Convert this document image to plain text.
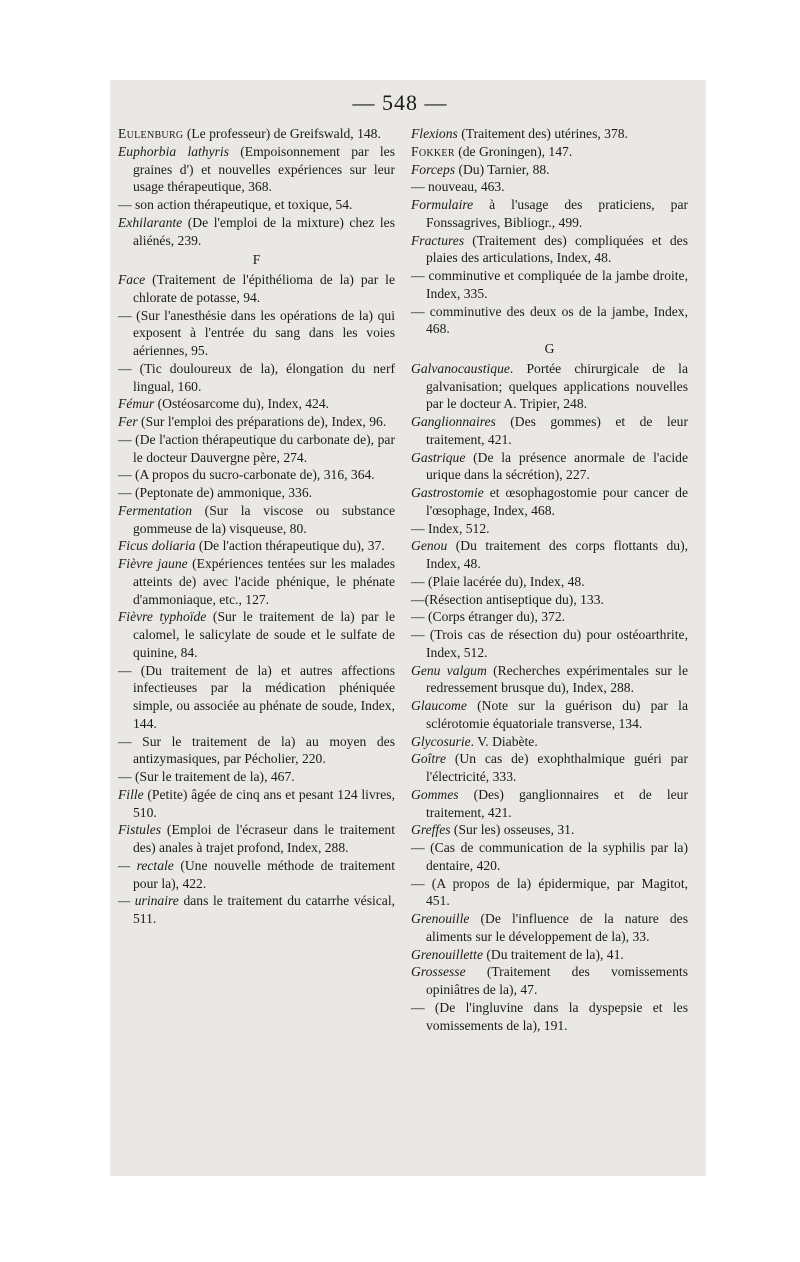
— 548 —
Eulenburg (Le professeur) de Greifswald, 148.
Euphorbia lathyris (Empoisonnement par les graines d') et nouvelles expériences sur leur usage thérapeutique, 368.
— son action thérapeutique, et toxique, 54.
Exhilarante (De l'emploi de la mixture) chez les aliénés, 239.
F
Face (Traitement de l'épithélioma de la) par le chlorate de potasse, 94.
— (Sur l'anesthésie dans les opérations de la) qui exposent à l'entrée du sang dans les voies aériennes, 95.
— (Tic douloureux de la), élongation du nerf lingual, 160.
Fémur (Ostéosarcome du), Index, 424.
Fer (Sur l'emploi des préparations de), Index, 96.
— (De l'action thérapeutique du carbonate de), par le docteur Dauvergne père, 274.
— (A propos du sucro-carbonate de), 316, 364.
— (Peptonate de) ammonique, 336.
Fermentation (Sur la viscose ou substance gommeuse de la) visqueuse, 80.
Ficus doliaria (De l'action thérapeutique du), 37.
Fièvre jaune (Expériences tentées sur les malades atteints de) avec l'acide phénique, le phénate d'ammoniaque, etc., 127.
Fièvre typhoïde (Sur le traitement de la) par le calomel, le salicylate de soude et le sulfate de quinine, 84.
— (Du traitement de la) et autres affections infectieuses par la médication phéniquée simple, ou associée au phénate de soude, Index, 144.
— Sur le traitement de la) au moyen des antizymasiques, par Pécholier, 220.
— (Sur le traitement de la), 467.
Fille (Petite) âgée de cinq ans et pesant 124 livres, 510.
Fistules (Emploi de l'écraseur dans le traitement des) anales à trajet profond, Index, 288.
— rectale (Une nouvelle méthode de traitement pour la), 422.
— urinaire dans le traitement du catarrhe vésical, 511.
Flexions (Traitement des) utérines, 378.
Fokker (de Groningen), 147.
Forceps (Du) Tarnier, 88.
— nouveau, 463.
Formulaire à l'usage des praticiens, par Fonssagrives, Bibliogr., 499.
Fractures (Traitement des) compliquées et des plaies des articulations, Index, 48.
— comminutive et compliquée de la jambe droite, Index, 335.
— comminutive des deux os de la jambe, Index, 468.
G
Galvanocaustique. Portée chirurgicale de la galvanisation; quelques applications nouvelles par le docteur A. Tripier, 248.
Ganglionnaires (Des gommes) et de leur traitement, 421.
Gastrique (De la présence anormale de l'acide urique dans la sécrétion), 227.
Gastrostomie et œsophagostomie pour cancer de l'œsophage, Index, 468.
— Index, 512.
Genou (Du traitement des corps flottants du), Index, 48.
— (Plaie lacérée du), Index, 48.
—(Résection antiseptique du), 133.
— (Corps étranger du), 372.
— (Trois cas de résection du) pour ostéoarthrite, Index, 512.
Genu valgum (Recherches expérimentales sur le redressement brusque du), Index, 288.
Glaucome (Note sur la guérison du) par la sclérotomie équatoriale transverse, 134.
Glycosurie. V. Diabète.
Goître (Un cas de) exophthalmique guéri par l'électricité, 333.
Gommes (Des) ganglionnaires et de leur traitement, 421.
Greffes (Sur les) osseuses, 31.
— (Cas de communication de la syphilis par la) dentaire, 420.
— (A propos de la) épidermique, par Magitot, 451.
Grenouille (De l'influence de la nature des aliments sur le développement de la), 33.
Grenouillette (Du traitement de la), 41.
Grossesse (Traitement des vomissements opiniâtres de la), 47.
— (De l'ingluvine dans la dyspepsie et les vomissements de la), 191.
